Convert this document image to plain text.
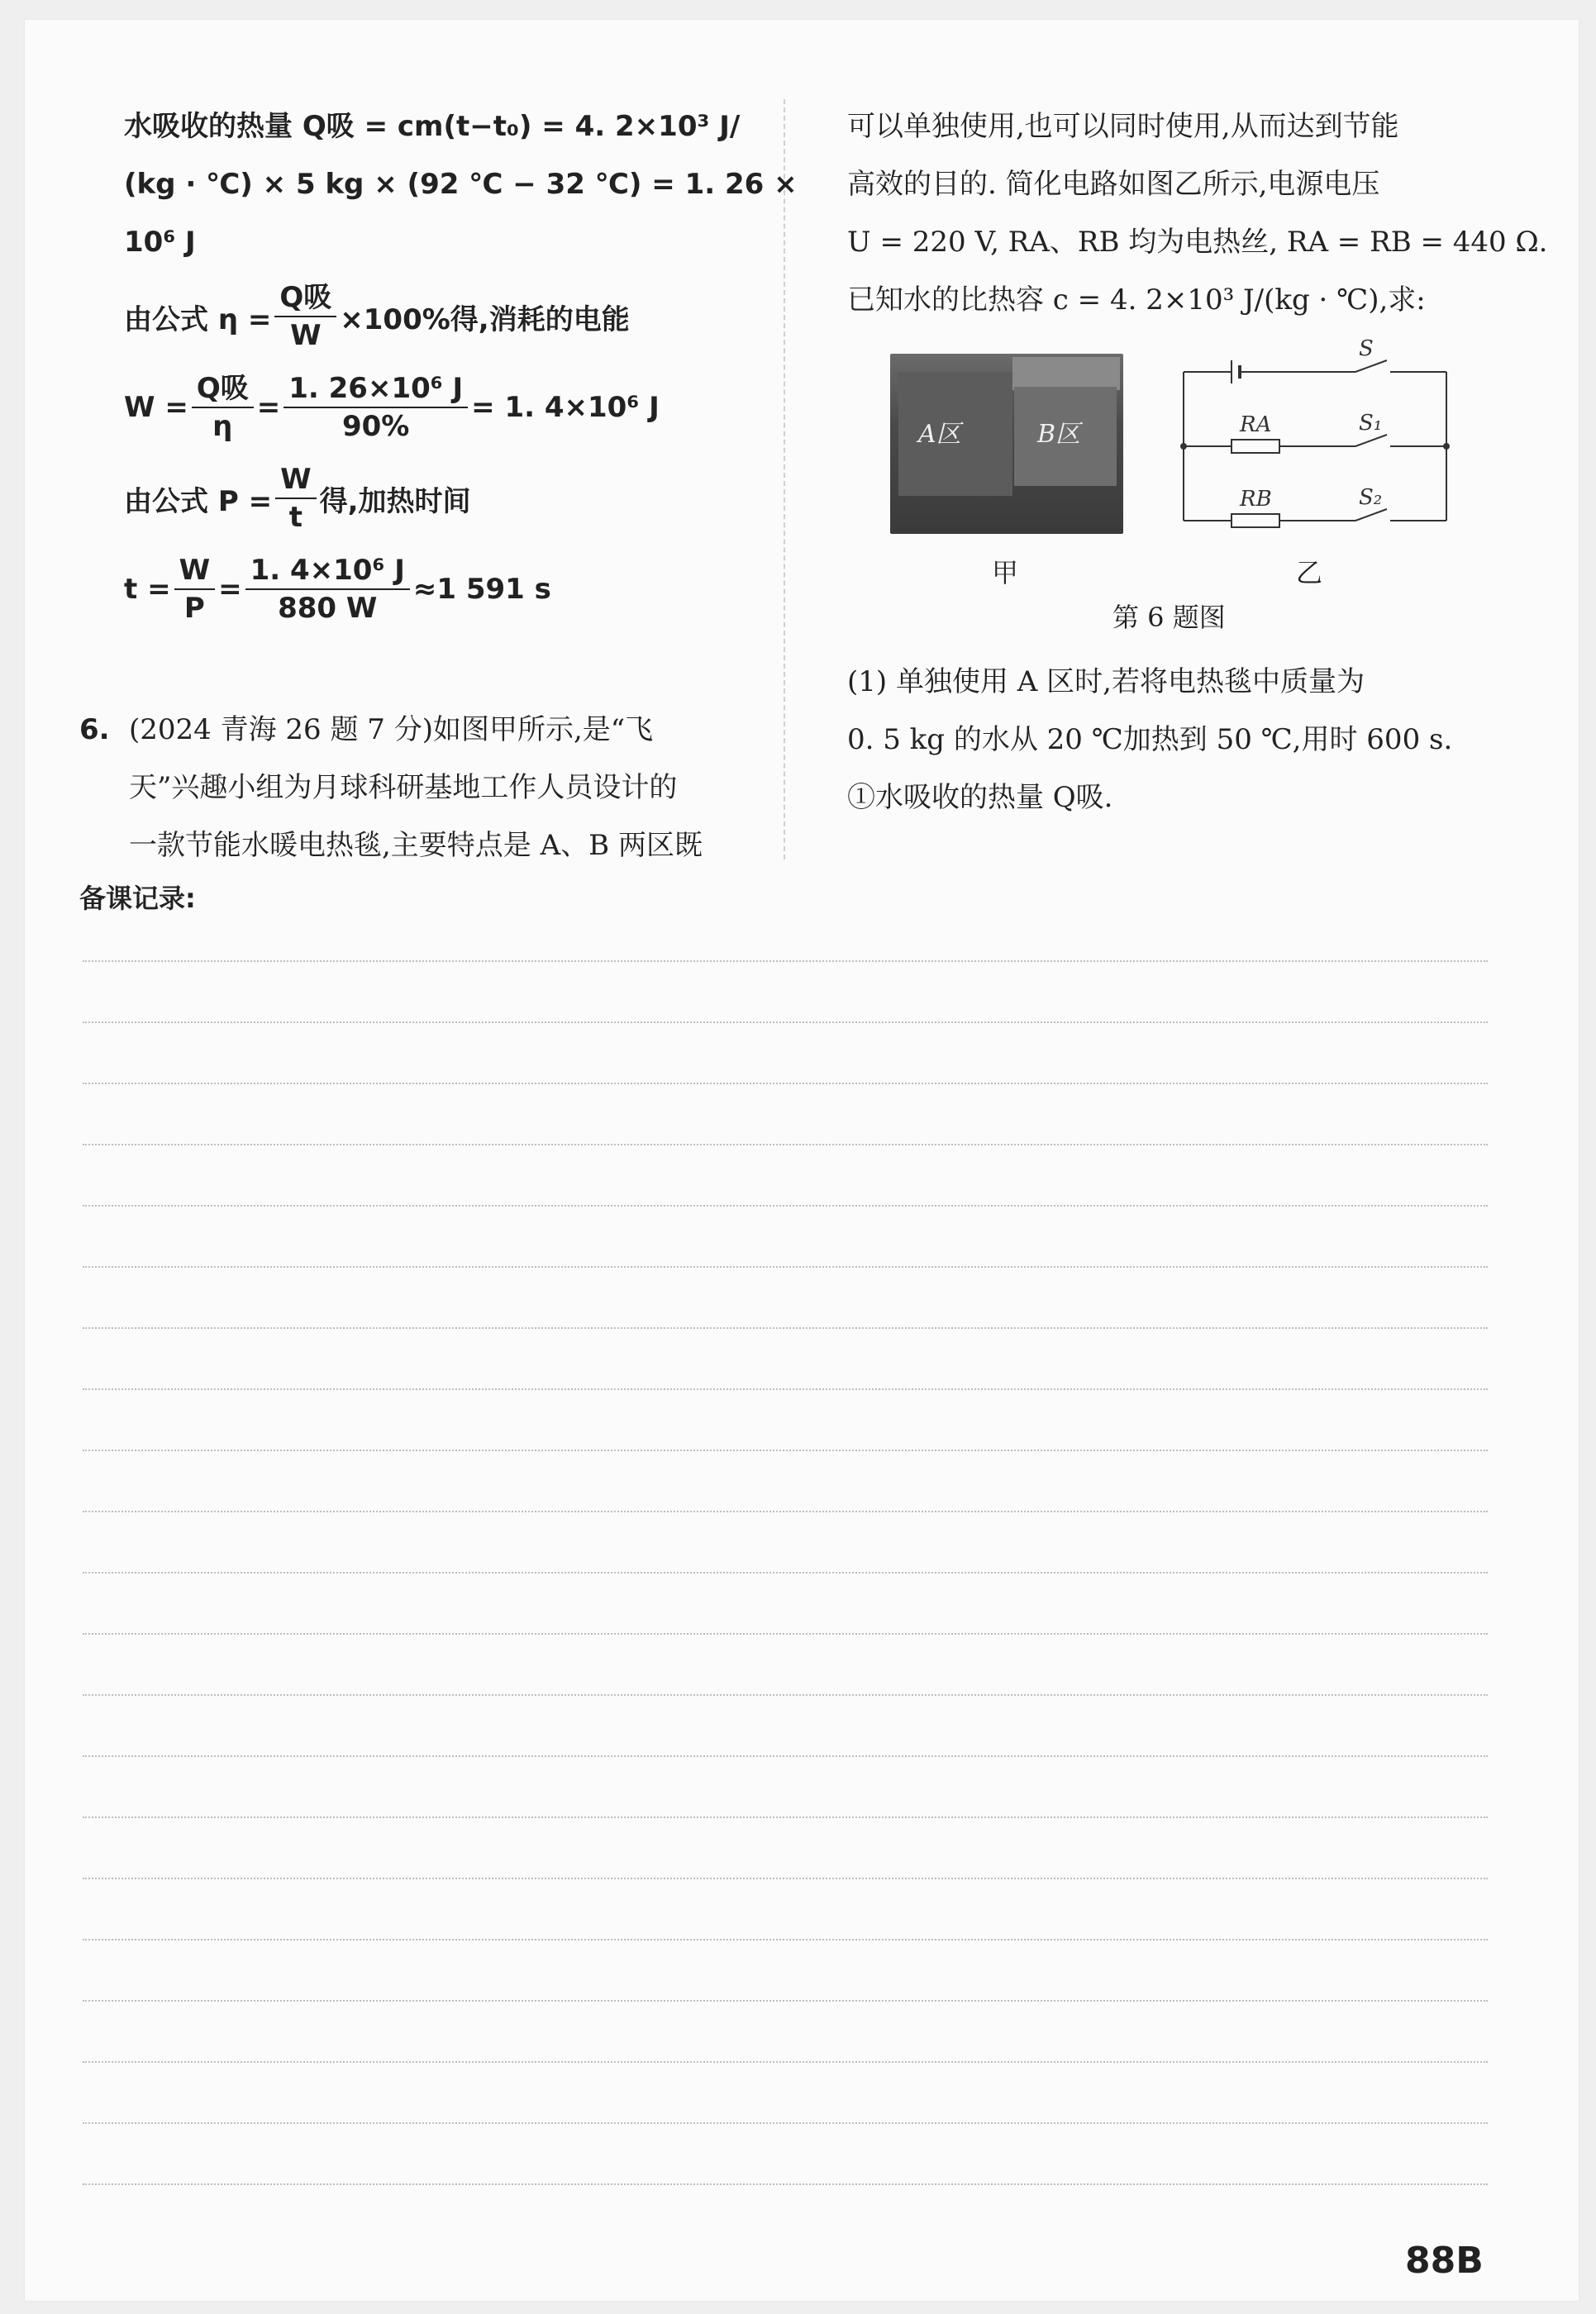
水吸收的热量 Q吸 = cm(t−t₀) = 4. 2×10³ J/
(kg · ℃) × 5 kg × (92 ℃ − 32 ℃) = 1. 26 ×
10⁶ J
由公式 $\eta = \frac{\text{Q吸}}{W} \times 100\%$得,消耗的电能
$W = \frac{\text{Q吸}}{\eta} = \frac{\text{1. 26×10⁶ J}}{90\%} = 1$. 4×10⁶ J
由公式 $P = \frac{W}{t}$ 得,加热时间
$t = \frac{W}{P} = \frac{\text{1. 4×10⁶ J}}{880 W} \approx 1$ 591 s
6. (2024 青海 26 题 7 分)如图甲所示,是“飞
天”兴趣小组为月球科研基地工作人员设计的
一款节能水暖电热毯,主要特点是 A、B 两区既
可以单独使用,也可以同时使用,从而达到节能
高效的目的. 简化电路如图乙所示,电源电压
U = 220 V, RA、RB 均为电热丝, RA = RB = 440 Ω.
已知水的比热容 c = 4. 2×10³ J/(kg · ℃),求:
A区	B区
S
S₁
S₂
RA
RB
甲	乙
第 6 题图
(1) 单独使用 A 区时,若将电热毯中质量为
0. 5 kg 的水从 20 ℃加热到 50 ℃,用时 600 s.
①水吸收的热量 Q吸.
备课记录:
88B
